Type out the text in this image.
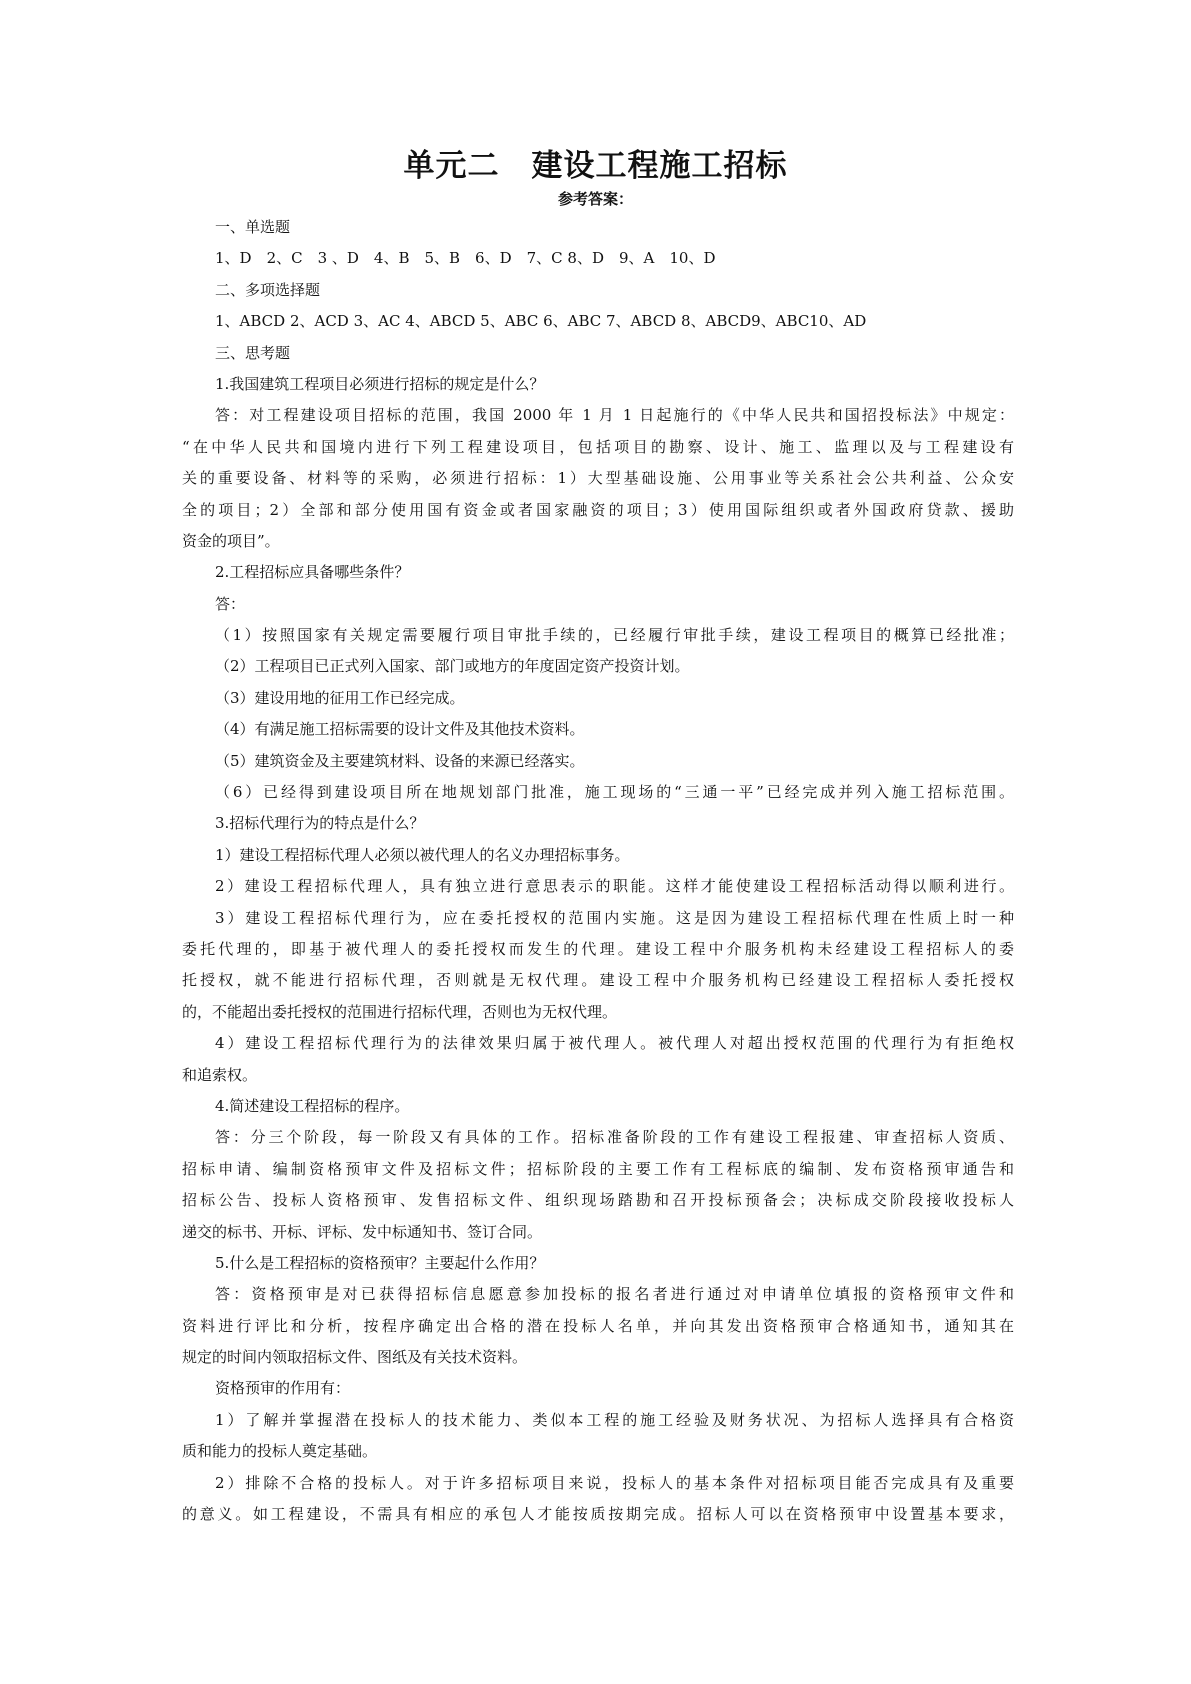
单元二　建设工程施工招标
参考答案：
一、单选题
1、D　2、C　3 、D　4、B　5、B　6、D　7、C 8、D　9、A　10、D
二、多项选择题
1、ABCD 2、ACD 3、AC 4、ABCD 5、ABC 6、ABC 7、ABCD 8、ABCD9、ABC10、AD
三、思考题
1.我国建筑工程项目必须进行招标的规定是什么？
答：对工程建设项目招标的范围，我国 2000 年 1 月 1 日起施行的《中华人民共和国招投标法》中规定：
“在中华人民共和国境内进行下列工程建设项目，包括项目的勘察、设计、施工、监理以及与工程建设有
关的重要设备、材料等的采购，必须进行招标：1）大型基础设施、公用事业等关系社会公共利益、公众安
全的项目；2）全部和部分使用国有资金或者国家融资的项目；3）使用国际组织或者外国政府贷款、援助
资金的项目”。
2.工程招标应具备哪些条件？
答：
（1）按照国家有关规定需要履行项目审批手续的，已经履行审批手续，建设工程项目的概算已经批准；
（2）工程项目已正式列入国家、部门或地方的年度固定资产投资计划。
（3）建设用地的征用工作已经完成。
（4）有满足施工招标需要的设计文件及其他技术资料。
（5）建筑资金及主要建筑材料、设备的来源已经落实。
（6）已经得到建设项目所在地规划部门批准，施工现场的“三通一平”已经完成并列入施工招标范围。
3.招标代理行为的特点是什么？
1）建设工程招标代理人必须以被代理人的名义办理招标事务。
2）建设工程招标代理人，具有独立进行意思表示的职能。这样才能使建设工程招标活动得以顺利进行。
3）建设工程招标代理行为，应在委托授权的范围内实施。这是因为建设工程招标代理在性质上时一种
委托代理的，即基于被代理人的委托授权而发生的代理。建设工程中介服务机构未经建设工程招标人的委
托授权，就不能进行招标代理，否则就是无权代理。建设工程中介服务机构已经建设工程招标人委托授权
的，不能超出委托授权的范围进行招标代理，否则也为无权代理。
4）建设工程招标代理行为的法律效果归属于被代理人。被代理人对超出授权范围的代理行为有拒绝权
和追索权。
4.简述建设工程招标的程序。
答：分三个阶段，每一阶段又有具体的工作。招标准备阶段的工作有建设工程报建、审查招标人资质、
招标申请、编制资格预审文件及招标文件；招标阶段的主要工作有工程标底的编制、发布资格预审通告和
招标公告、投标人资格预审、发售招标文件、组织现场踏勘和召开投标预备会；决标成交阶段接收投标人
递交的标书、开标、评标、发中标通知书、签订合同。
5.什么是工程招标的资格预审？主要起什么作用？
答：资格预审是对已获得招标信息愿意参加投标的报名者进行通过对申请单位填报的资格预审文件和
资料进行评比和分析，按程序确定出合格的潜在投标人名单，并向其发出资格预审合格通知书，通知其在
规定的时间内领取招标文件、图纸及有关技术资料。
资格预审的作用有：
1）了解并掌握潜在投标人的技术能力、类似本工程的施工经验及财务状况、为招标人选择具有合格资
质和能力的投标人奠定基础。
2）排除不合格的投标人。对于许多招标项目来说，投标人的基本条件对招标项目能否完成具有及重要
的意义。如工程建设，不需具有相应的承包人才能按质按期完成。招标人可以在资格预审中设置基本要求，
